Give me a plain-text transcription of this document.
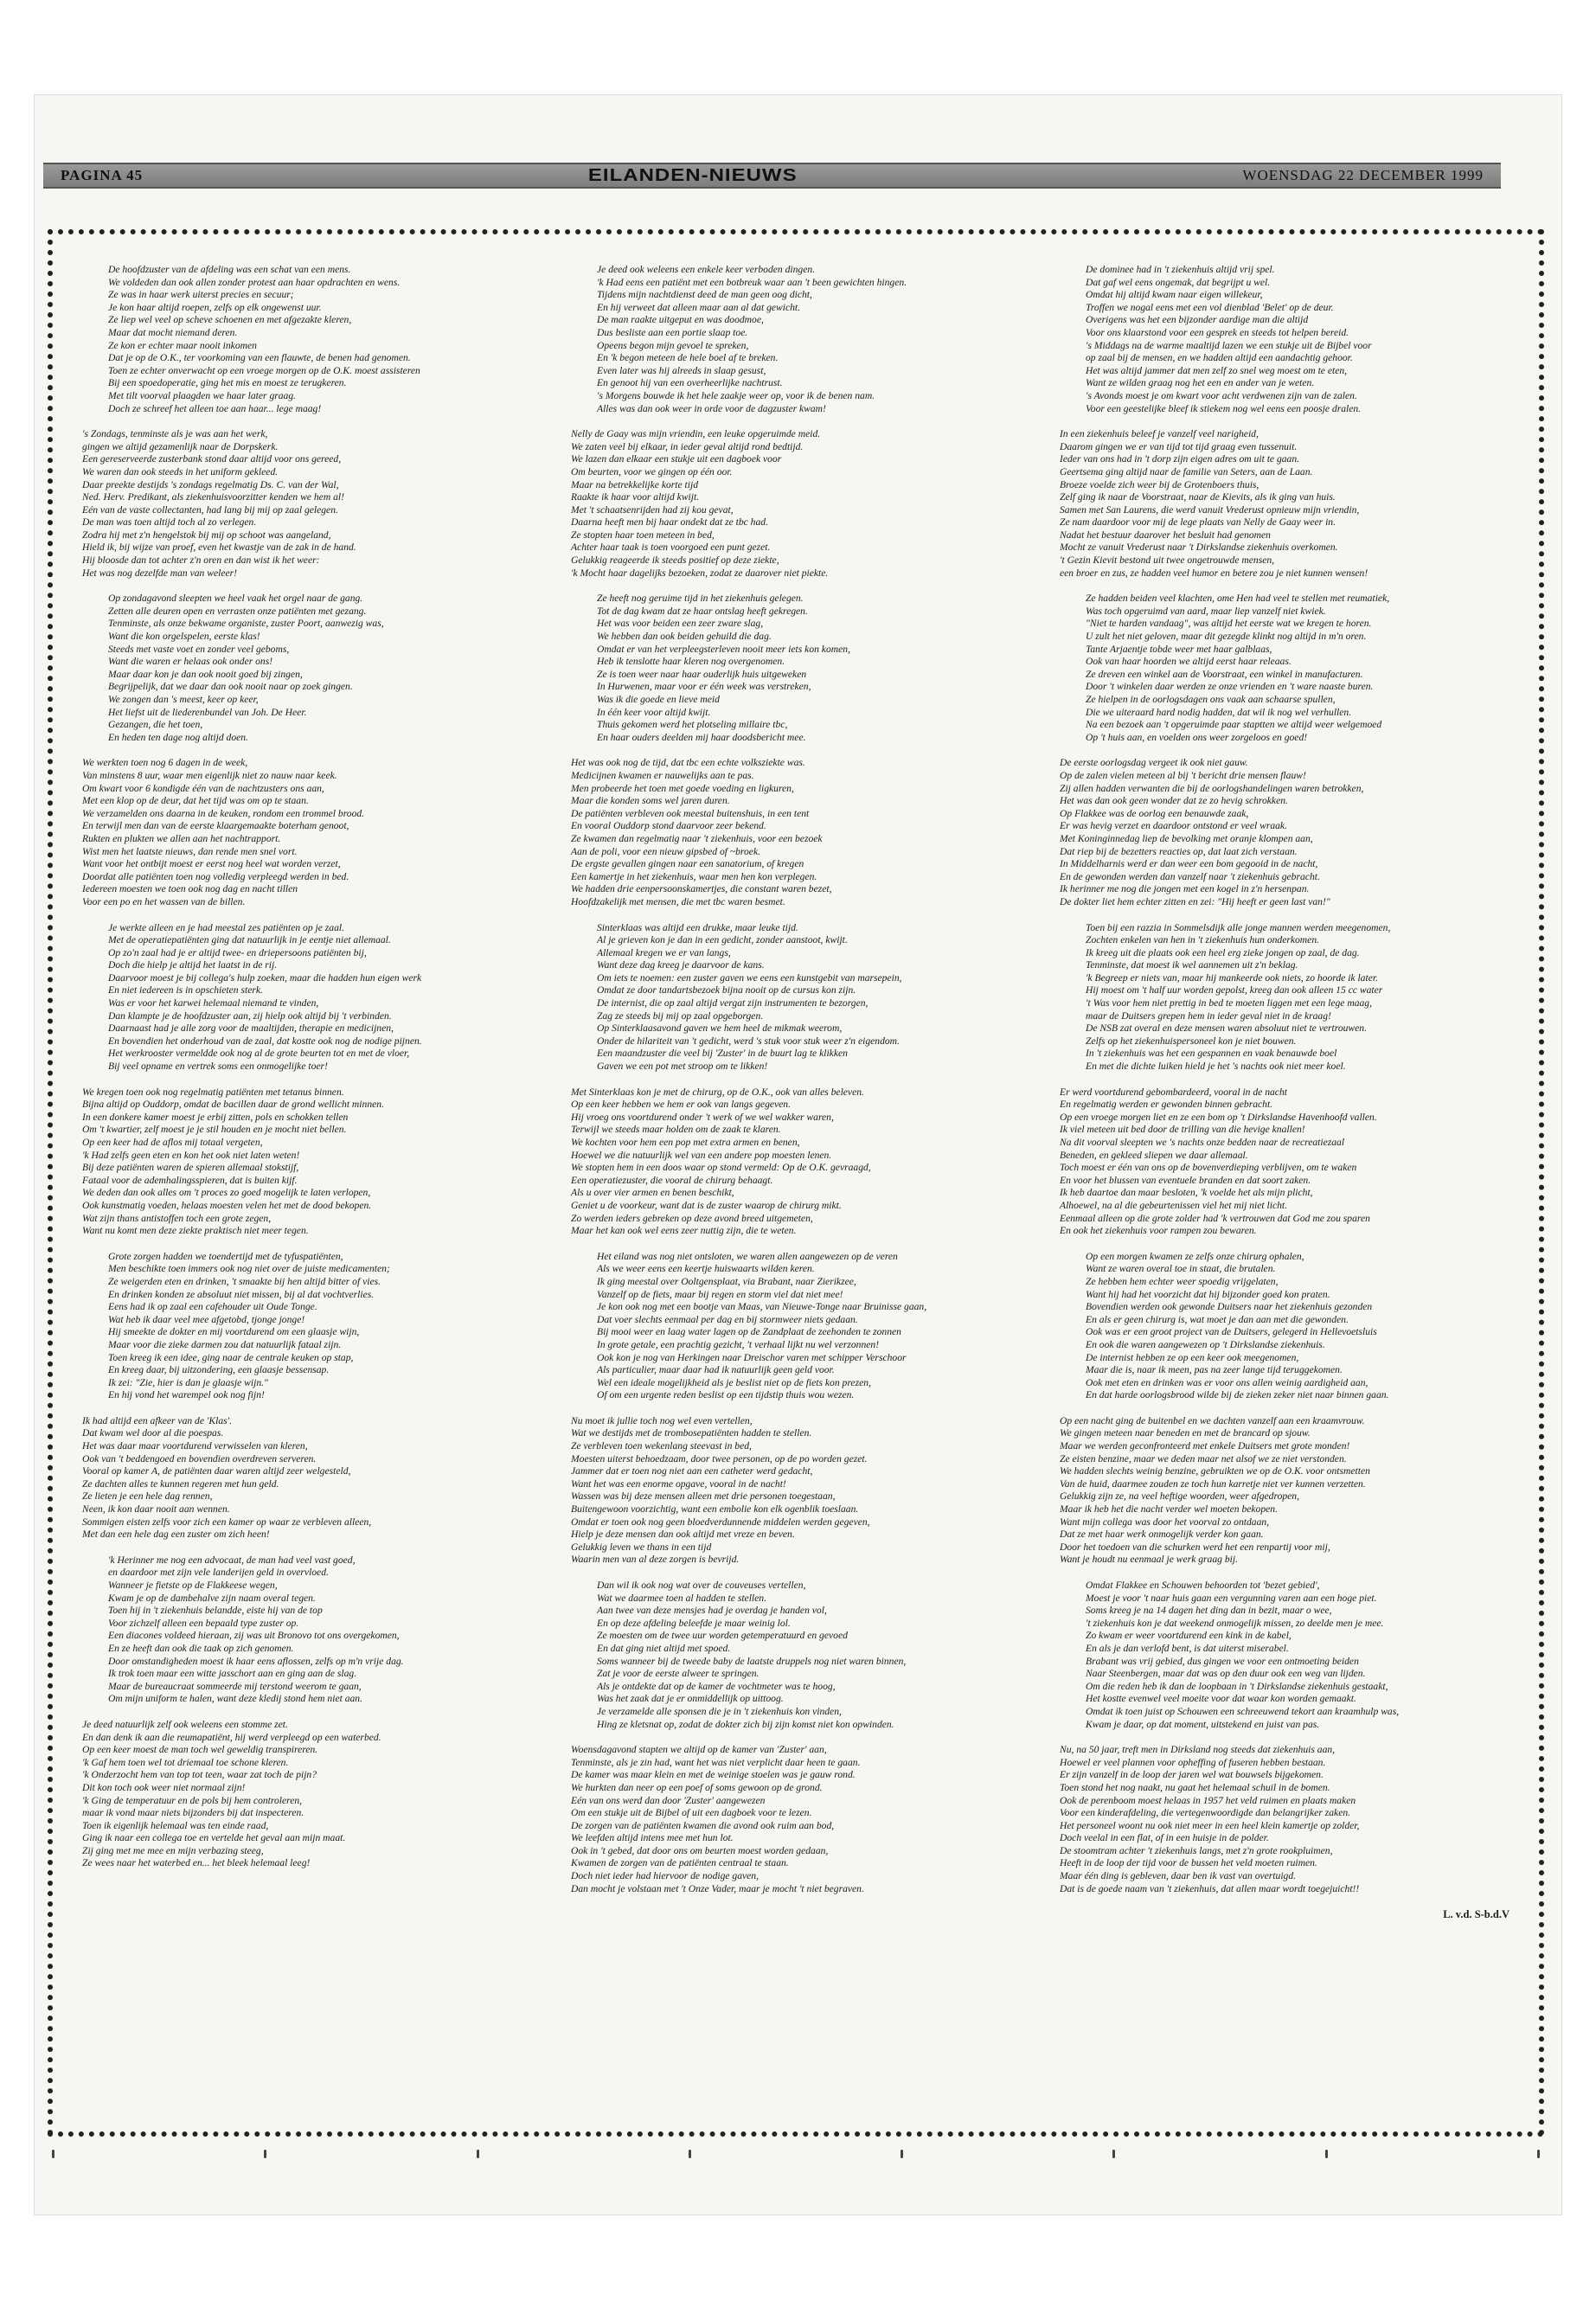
PAGINA 45	EILANDEN-NIEUWS	WOENSDAG 22 DECEMBER 1999

De hoofdzuster van de afdeling was een schat van een mens.
We voldeden dan ook allen zonder protest aan haar opdrachten en wens.
Ze was in haar werk uiterst precies en secuur;
Je kon haar altijd roepen, zelfs op elk ongewenst uur.
Ze liep wel veel op scheve schoenen en met afgezakte kleren,
Maar dat mocht niemand deren.
Ze kon er echter maar nooit inkomen
Dat je op de O.K., ter voorkoming van een flauwte, de benen had genomen.
Toen ze echter onverwacht op een vroege morgen op de O.K. moest assisteren
Bij een spoedoperatie, ging het mis en moest ze terugkeren.
Met tilt voorval plaagden we haar later graag.
Doch ze schreef het alleen toe aan haar... lege maag!

's Zondags, tenminste als je was aan het werk,
gingen we altijd gezamenlijk naar de Dorpskerk.
Een gereserveerde zusterbank stond daar altijd voor ons gereed,
We waren dan ook steeds in het uniform gekleed.
Daar preekte destijds 's zondags regelmatig Ds. C. van der Wal,
Ned. Herv. Predikant, als ziekenhuisvoorzitter kenden we hem al!
Eén van de vaste collectanten, had lang bij mij op zaal gelegen.
De man was toen altijd toch al zo verlegen.
Zodra hij met z'n hengelstok bij mij op schoot was aangeland,
Hield ik, bij wijze van proef, even het kwastje van de zak in de hand.
Hij bloosde dan tot achter z'n oren en dan wist ik het weer:
Het was nog dezelfde man van weleer!

Op zondagavond sleepten we heel vaak het orgel naar de gang.
Zetten alle deuren open en verrasten onze patiënten met gezang.
Tenminste, als onze bekwame organiste, zuster Poort, aanwezig was,
Want die kon orgelspelen, eerste klas!
Steeds met vaste voet en zonder veel geboms,
Want die waren er helaas ook onder ons!
Maar daar kon je dan ook nooit goed bij zingen,
Begrijpelijk, dat we daar dan ook nooit naar op zoek gingen.
We zongen dan 's meest, keer op keer,
Het liefst uit de liederenbundel van Joh. De Heer.
Gezangen, die het toen,
En heden ten dage nog altijd doen.

We werkten toen nog 6 dagen in de week,
Van minstens 8 uur, waar men eigenlijk niet zo nauw naar keek.
Om kwart voor 6 kondigde één van de nachtzusters ons aan,
Met een klop op de deur, dat het tijd was om op te staan.
We verzamelden ons daarna in de keuken, rondom een trommel brood.
En terwijl men dan van de eerste klaargemaakte boterham genoot,
Rukten en plukten we allen aan het nachtrapport.
Wist men het laatste nieuws, dan rende men snel vort.
Want voor het ontbijt moest er eerst nog heel wat worden verzet,
Doordat alle patiënten toen nog volledig verpleegd werden in bed.
Iedereen moesten we toen ook nog dag en nacht tillen
Voor een po en het wassen van de billen.

Je werkte alleen en je had meestal zes patiënten op je zaal.
Met de operatiepatiënten ging dat natuurlijk in je eentje niet allemaal.
Op zo'n zaal had je er altijd twee- en driepersoons patiënten bij,
Doch die hielp je altijd het laatst in de rij.
Daarvoor moest je bij collega's hulp zoeken, maar die hadden hun eigen werk
En niet iedereen is in opschieten sterk.
Was er voor het karwei helemaal niemand te vinden,
Dan klampte je de hoofdzuster aan, zij hielp ook altijd bij 't verbinden.
Daarnaast had je alle zorg voor de maaltijden, therapie en medicijnen,
En bovendien het onderhoud van de zaal, dat kostte ook nog de nodige pijnen.
Het werkrooster vermeldde ook nog al de grote beurten tot en met de vloer,
Bij veel opname en vertrek soms een onmogelijke toer!

We kregen toen ook nog regelmatig patiënten met tetanus binnen.
Bijna altijd op Ouddorp, omdat de bacillen daar de grond wellicht minnen.
In een donkere kamer moest je erbij zitten, pols en schokken tellen
Om 't kwartier, zelf moest je je stil houden en je mocht niet bellen.
Op een keer had de aflos mij totaal vergeten,
'k Had zelfs geen eten en kon het ook niet laten weten!
Bij deze patiënten waren de spieren allemaal stokstijf,
Fataal voor de ademhalingsspieren, dat is buiten kijf.
We deden dan ook alles om 't proces zo goed mogelijk te laten verlopen,
Ook kunstmatig voeden, helaas moesten velen het met de dood bekopen.
Wat zijn thans antistoffen toch een grote zegen,
Want nu komt men deze ziekte praktisch niet meer tegen.

Grote zorgen hadden we toendertijd met de tyfuspatiënten,
Men beschikte toen immers ook nog niet over de juiste medicamenten;
Ze weigerden eten en drinken, 't smaakte bij hen altijd bitter of vies.
En drinken konden ze absoluut niet missen, bij al dat vochtverlies.
Eens had ik op zaal een cafehouder uit Oude Tonge.
Wat heb ik daar veel mee afgetobd, tjonge jonge!
Hij smeekte de dokter en mij voortdurend om een glaasje wijn,
Maar voor die zieke darmen zou dat natuurlijk fataal zijn.
Toen kreeg ik een idee, ging naar de centrale keuken op stap,
En kreeg daar, bij uitzondering, een glaasje bessensap.
Ik zei: "Zie, hier is dan je glaasje wijn."
En hij vond het warempel ook nog fijn!

Ik had altijd een afkeer van de 'Klas'.
Dat kwam wel door al die poespas.
Het was daar maar voortdurend verwisselen van kleren,
Ook van 't beddengoed en bovendien overdreven serveren.
Vooral op kamer A, de patiënten daar waren altijd zeer welgesteld,
Ze dachten alles te kunnen regeren met hun geld.
Ze lieten je een hele dag rennen,
Neen, ik kon daar nooit aan wennen.
Sommigen eisten zelfs voor zich een kamer op waar ze verbleven alleen,
Met dan een hele dag een zuster om zich heen!

'k Herinner me nog een advocaat, de man had veel vast goed,
en daardoor met zijn vele landerijen geld in overvloed.
Wanneer je fietste op de Flakkeese wegen,
Kwam je op de dambehalve zijn naam overal tegen.
Toen hij in 't ziekenhuis belandde, eiste hij van de top
Voor zichzelf alleen een bepaald type zuster op.
Een diacones voldeed hieraan, zij was uit Bronovo tot ons overgekomen,
En ze heeft dan ook die taak op zich genomen.
Door omstandigheden moest ik haar eens aflossen, zelfs op m'n vrije dag.
Ik trok toen maar een witte jasschort aan en ging aan de slag.
Maar de bureaucraat sommeerde mij terstond weerom te gaan,
Om mijn uniform te halen, want deze kledij stond hem niet aan.

Je deed natuurlijk zelf ook weleens een stomme zet.
En dan denk ik aan die reumapatiënt, hij werd verpleegd op een waterbed.
Op een keer moest de man toch wel geweldig transpireren.
'k Gaf hem toen wel tot driemaal toe schone kleren.
'k Onderzocht hem van top tot teen, waar zat toch de pijn?
Dit kon toch ook weer niet normaal zijn!
'k Ging de temperatuur en de pols bij hem controleren,
maar ik vond maar niets bijzonders bij dat inspecteren.
Toen ik eigenlijk helemaal was ten einde raad,
Ging ik naar een collega toe en vertelde het geval aan mijn maat.
Zij ging met me mee en mijn verbazing steeg,
Ze wees naar het waterbed en... het bleek helemaal leeg!

Je deed ook weleens een enkele keer verboden dingen.
'k Had eens een patiënt met een botbreuk waar aan 't been gewichten hingen.
Tijdens mijn nachtdienst deed de man geen oog dicht,
En hij verweet dat alleen maar aan al dat gewicht.
De man raakte uitgeput en was doodmoe,
Dus besliste aan een portie slaap toe.
Opeens begon mijn gevoel te spreken,
En 'k begon meteen de hele boel af te breken.
Even later was hij alreeds in slaap gesust,
En genoot hij van een overheerlijke nachtrust.
's Morgens bouwde ik het hele zaakje weer op, voor ik de benen nam.
Alles was dan ook weer in orde voor de dagzuster kwam!

Nelly de Gaay was mijn vriendin, een leuke opgeruimde meid.
We zaten veel bij elkaar, in ieder geval altijd rond bedtijd.
We lazen dan elkaar een stukje uit een dagboek voor
Om beurten, voor we gingen op één oor.
Maar na betrekkelijke korte tijd
Raakte ik haar voor altijd kwijt.
Met 't schaatsenrijden had zij kou gevat,
Daarna heeft men bij haar ondekt dat ze tbc had.
Ze stopten haar toen meteen in bed,
Achter haar taak is toen voorgoed een punt gezet.
Gelukkig reageerde ik steeds positief op deze ziekte,
'k Mocht haar dagelijks bezoeken, zodat ze daarover niet piekte.

Ze heeft nog geruime tijd in het ziekenhuis gelegen.
Tot de dag kwam dat ze haar ontslag heeft gekregen.
Het was voor beiden een zeer zware slag,
We hebben dan ook beiden gehuild die dag.
Omdat er van het verpleegsterleven nooit meer iets kon komen,
Heb ik tenslotte haar kleren nog overgenomen.
Ze is toen weer naar haar ouderlijk huis uitgeweken
In Hurwenen, maar voor er één week was verstreken,
Was ik die goede en lieve meid
In één keer voor altijd kwijt.
Thuis gekomen werd het plotseling millaire tbc,
En haar ouders deelden mij haar doodsbericht mee.

Het was ook nog de tijd, dat tbc een echte volksziekte was.
Medicijnen kwamen er nauwelijks aan te pas.
Men probeerde het toen met goede voeding en ligkuren,
Maar die konden soms wel jaren duren.
De patiënten verbleven ook meestal buitenshuis, in een tent
En vooral Ouddorp stond daarvoor zeer bekend.
Ze kwamen dan regelmatig naar 't ziekenhuis, voor een bezoek
Aan de poli, voor een nieuw gipsbed of ~broek.
De ergste gevallen gingen naar een sanatorium, of kregen
Een kamertje in het ziekenhuis, waar men hen kon verplegen.
We hadden drie eenpersoonskamertjes, die constant waren bezet,
Hoofdzakelijk met mensen, die met tbc waren besmet.

Sinterklaas was altijd een drukke, maar leuke tijd.
Al je grieven kon je dan in een gedicht, zonder aanstoot, kwijt.
Allemaal kregen we er van langs,
Want deze dag kreeg je daarvoor de kans.
Om iets te noemen: een zuster gaven we eens een kunstgebit van marsepein,
Omdat ze door tandartsbezoek bijna nooit op de cursus kon zijn.
De internist, die op zaal altijd vergat zijn instrumenten te bezorgen,
Zag ze steeds bij mij op zaal opgeborgen.
Op Sinterklaasavond gaven we hem heel de mikmak weerom,
Onder de hilariteit van 't gedicht, werd 's stuk voor stuk weer z'n eigendom.
Een maandzuster die veel bij 'Zuster' in de buurt lag te klikken
Gaven we een pot met stroop om te likken!

Met Sinterklaas kon je met de chirurg, op de O.K., ook van alles beleven.
Op een keer hebben we hem er ook van langs gegeven.
Hij vroeg ons voortdurend onder 't werk of we wel wakker waren,
Terwijl we steeds maar holden om de zaak te klaren.
We kochten voor hem een pop met extra armen en benen,
Hoewel we die natuurlijk wel van een andere pop moesten lenen.
We stopten hem in een doos waar op stond vermeld: Op de O.K. gevraagd,
Een operatiezuster, die vooral de chirurg behaagt.
Als u over vier armen en benen beschikt,
Geniet u de voorkeur, want dat is de zuster waarop de chirurg mikt.
Zo werden ieders gebreken op deze avond breed uitgemeten,
Maar het kan ook wel eens zeer nuttig zijn, die te weten.

Het eiland was nog niet ontsloten, we waren allen aangewezen op de veren
Als we weer eens een keertje huiswaarts wilden keren.
Ik ging meestal over Ooltgensplaat, via Brabant, naar Zierikzee,
Vanzelf op de fiets, maar bij regen en storm viel dat niet mee!
Je kon ook nog met een bootje van Maas, van Nieuwe-Tonge naar Bruinisse gaan,
Dat voer slechts eenmaal per dag en bij stormweer niets gedaan.
Bij mooi weer en laag water lagen op de Zandplaat de zeehonden te zonnen
In grote getale, een prachtig gezicht, 't verhaal lijkt nu wel verzonnen!
Ook kon je nog van Herkingen naar Dreischor varen met schipper Verschoor
Als particulier, maar daar had ik natuurlijk geen geld voor.
Wel een ideale mogelijkheid als je beslist niet op de fiets kon prezen,
Of om een urgente reden beslist op een tijdstip thuis wou wezen.

Nu moet ik jullie toch nog wel even vertellen,
Wat we destijds met de trombosepatiënten hadden te stellen.
Ze verbleven toen wekenlang steevast in bed,
Moesten uiterst behoedzaam, door twee personen, op de po worden gezet.
Jammer dat er toen nog niet aan een catheter werd gedacht,
Want het was een enorme opgave, vooral in de nacht!
Wassen was bij deze mensen alleen met drie personen toegestaan,
Buitengewoon voorzichtig, want een embolie kon elk ogenblik toeslaan.
Omdat er toen ook nog geen bloedverdunnende middelen werden gegeven,
Hielp je deze mensen dan ook altijd met vreze en beven.
Gelukkig leven we thans in een tijd
Waarin men van al deze zorgen is bevrijd.

Dan wil ik ook nog wat over de couveuses vertellen,
Wat we daarmee toen al hadden te stellen.
Aan twee van deze mensjes had je overdag je handen vol,
En op deze afdeling beleefde je maar weinig lol.
Ze moesten om de twee uur worden getemperatuurd en gevoed
En dat ging niet altijd met spoed.
Soms wanneer bij de tweede baby de laatste druppels nog niet waren binnen,
Zat je voor de eerste alweer te springen.
Als je ontdekte dat op de kamer de vochtmeter was te hoog,
Was het zaak dat je er onmiddellijk op uittoog.
Je verzamelde alle sponsen die je in 't ziekenhuis kon vinden,
Hing ze kletsnat op, zodat de dokter zich bij zijn komst niet kon opwinden.

Woensdagavond stapten we altijd op de kamer van 'Zuster' aan,
Tenminste, als je zin had, want het was niet verplicht daar heen te gaan.
De kamer was maar klein en met de weinige stoelen was je gauw rond.
We hurkten dan neer op een poef of soms gewoon op de grond.
Eén van ons werd dan door 'Zuster' aangewezen
Om een stukje uit de Bijbel of uit een dagboek voor te lezen.
De zorgen van de patiënten kwamen die avond ook ruim aan bod,
We leefden altijd intens mee met hun lot.
Ook in 't gebed, dat door ons om beurten moest worden gedaan,
Kwamen de zorgen van de patiënten centraal te staan.
Doch niet ieder had hiervoor de nodige gaven,
Dan mocht je volstaan met 't Onze Vader, maar je mocht 't niet begraven.

De dominee had in 't ziekenhuis altijd vrij spel.
Dat gaf wel eens ongemak, dat begrijpt u wel.
Omdat hij altijd kwam naar eigen willekeur,
Troffen we nogal eens met een vol dienblad 'Belet' op de deur.
Overigens was het een bijzonder aardige man die altijd
Voor ons klaarstond voor een gesprek en steeds tot helpen bereid.
's Middags na de warme maaltijd lazen we een stukje uit de Bijbel voor
op zaal bij de mensen, en we hadden altijd een aandachtig gehoor.
Het was altijd jammer dat men zelf zo snel weg moest om te eten,
Want ze wilden graag nog het een en ander van je weten.
's Avonds moest je om kwart voor acht verdwenen zijn van de zalen.
Voor een geestelijke bleef ik stiekem nog wel eens een poosje dralen.

In een ziekenhuis beleef je vanzelf veel narigheid,
Daarom gingen we er van tijd tot tijd graag even tussenuit.
Ieder van ons had in 't dorp zijn eigen adres om uit te gaan.
Geertsema ging altijd naar de familie van Seters, aan de Laan.
Broeze voelde zich weer bij de Grotenboers thuis,
Zelf ging ik naar de Voorstraat, naar de Kievits, als ik ging van huis.
Samen met San Laurens, die werd vanuit Vrederust opnieuw mijn vriendin,
Ze nam daardoor voor mij de lege plaats van Nelly de Gaay weer in.
Nadat het bestuur daarover het besluit had genomen
Mocht ze vanuit Vrederust naar 't Dirkslandse ziekenhuis overkomen.
't Gezin Kievit bestond uit twee ongetrouwde mensen,
een broer en zus, ze hadden veel humor en betere zou je niet kunnen wensen!

Ze hadden beiden veel klachten, ome Hen had veel te stellen met reumatiek,
Was toch opgeruimd van aard, maar liep vanzelf niet kwiek.
"Niet te harden vandaag", was altijd het eerste wat we kregen te horen.
U zult het niet geloven, maar dit gezegde klinkt nog altijd in m'n oren.
Tante Arjaentje tobde weer met haar galblaas,
Ook van haar hoorden we altijd eerst haar releaas.
Ze dreven een winkel aan de Voorstraat, een winkel in manufacturen.
Door 't winkelen daar werden ze onze vrienden en 't ware naaste buren.
Ze hielpen in de oorlogsdagen ons vaak aan schaarse spullen,
Die we uiteraard hard nodig hadden, dat wil ik nog wel verhullen.
Na een bezoek aan 't opgeruimde paar staptten we altijd weer welgemoed
Op 't huis aan, en voelden ons weer zorgeloos en goed!

De eerste oorlogsdag vergeet ik ook niet gauw.
Op de zalen vielen meteen al bij 't bericht drie mensen flauw!
Zij allen hadden verwanten die bij de oorlogshandelingen waren betrokken,
Het was dan ook geen wonder dat ze zo hevig schrokken.
Op Flakkee was de oorlog een benauwde zaak,
Er was hevig verzet en daardoor ontstond er veel wraak.
Met Koninginnedag liep de bevolking met oranje klompen aan,
Dat riep bij de bezetters reacties op, dat laat zich verstaan.
In Middelharnis werd er dan weer een bom gegooid in de nacht,
En de gewonden werden dan vanzelf naar 't ziekenhuis gebracht.
Ik herinner me nog die jongen met een kogel in z'n hersenpan.
De dokter liet hem echter zitten en zei: "Hij heeft er geen last van!"

Toen bij een razzia in Sommelsdijk alle jonge mannen werden meegenomen,
Zochten enkelen van hen in 't ziekenhuis hun onderkomen.
Ik kreeg uit die plaats ook een heel erg zieke jongen op zaal, de dag.
Tenminste, dat moest ik wel aannemen uit z'n beklag.
'k Begreep er niets van, maar hij mankeerde ook niets, zo hoorde ik later.
Hij moest om 't half uur worden gepolst, kreeg dan ook alleen 15 cc water
't Was voor hem niet prettig in bed te moeten liggen met een lege maag,
maar de Duitsers grepen hem in ieder geval niet in de kraag!
De NSB zat overal en deze mensen waren absoluut niet te vertrouwen.
Zelfs op het ziekenhuispersoneel kon je niet bouwen.
In 't ziekenhuis was het een gespannen en vaak benauwde boel
En met die dichte luiken hield je het 's nachts ook niet meer koel.

Er werd voortdurend gebombardeerd, vooral in de nacht
En regelmatig werden er gewonden binnen gebracht.
Op een vroege morgen liet en ze een bom op 't Dirkslandse Havenhoofd vallen.
Ik viel meteen uit bed door de trilling van die hevige knallen!
Na dit voorval sleepten we 's nachts onze bedden naar de recreatiezaal
Beneden, en gekleed sliepen we daar allemaal.
Toch moest er één van ons op de bovenverdieping verblijven, om te waken
En voor het blussen van eventuele branden en dat soort zaken.
Ik heb daartoe dan maar besloten, 'k voelde het als mijn plicht,
Alhoewel, na al die gebeurtenissen viel het mij niet licht.
Eenmaal alleen op die grote zolder had 'k vertrouwen dat God me zou sparen
En ook het ziekenhuis voor rampen zou bewaren.

Op een morgen kwamen ze zelfs onze chirurg ophalen,
Want ze waren overal toe in staat, die brutalen.
Ze hebben hem echter weer spoedig vrijgelaten,
Want hij had het voorzicht dat hij bijzonder goed kon praten.
Bovendien werden ook gewonde Duitsers naar het ziekenhuis gezonden
En als er geen chirurg is, wat moet je dan aan met die gewonden.
Ook was er een groot project van de Duitsers, gelegerd in Hellevoetsluis
En ook die waren aangewezen op 't Dirkslandse ziekenhuis.
De internist hebben ze op een keer ook meegenomen,
Maar die is, naar ik meen, pas na zeer lange tijd teruggekomen.
Ook met eten en drinken was er voor ons allen weinig aardigheid aan,
En dat harde oorlogsbrood wilde bij de zieken zeker niet naar binnen gaan.

Op een nacht ging de buitenbel en we dachten vanzelf aan een kraamvrouw.
We gingen meteen naar beneden en met de brancard op sjouw.
Maar we werden geconfronteerd met enkele Duitsers met grote monden!
Ze eisten benzine, maar we deden maar net alsof we ze niet verstonden.
We hadden slechts weinig benzine, gebruikten we op de O.K. voor ontsmetten
Van de huid, daarmee zouden ze toch hun karretje niet ver kunnen verzetten.
Gelukkig zijn ze, na veel heftige woorden, weer afgedropen,
Maar ik heb het die nacht verder wel moeten bekopen.
Want mijn collega was door het voorval zo ontdaan,
Dat ze met haar werk onmogelijk verder kon gaan.
Door het toedoen van die schurken werd het een renpartij voor mij,
Want je houdt nu eenmaal je werk graag bij.

Omdat Flakkee en Schouwen behoorden tot 'bezet gebied',
Moest je voor 't naar huis gaan een vergunning varen aan een hoge piet.
Soms kreeg je na 14 dagen het ding dan in bezit, maar o wee,
't ziekenhuis kon je dat weekend onmogelijk missen, zo deelde men je mee.
Zo kwam er weer voortdurend een kink in de kabel,
En als je dan verlofd bent, is dat uiterst miserabel.
Brabant was vrij gebied, dus gingen we voor een ontmoeting beiden
Naar Steenbergen, maar dat was op den duur ook een weg van lijden.
Om die reden heb ik dan de loopbaan in 't Dirkslandse ziekenhuis gestaakt,
Het kostte evenwel veel moeite voor dat waar kon worden gemaakt.
Omdat ik toen juist op Schouwen een schreeuwend tekort aan kraamhulp was,
Kwam je daar, op dat moment, uitstekend en juist van pas.

Nu, na 50 jaar, treft men in Dirksland nog steeds dat ziekenhuis aan,
Hoewel er veel plannen voor opheffing of fuseren hebben bestaan.
Er zijn vanzelf in de loop der jaren wel wat bouwsels bijgekomen.
Toen stond het nog naakt, nu gaat het helemaal schuil in de bomen.
Ook de perenboom moest helaas in 1957 het veld ruimen en plaats maken
Voor een kinderafdeling, die vertegenwoordigde dan belangrijker zaken.
Het personeel woont nu ook niet meer in een heel klein kamertje op zolder,
Doch veelal in een flat, of in een huisje in de polder.
De stoomtram achter 't ziekenhuis langs, met z'n grote rookpluimen,
Heeft in de loop der tijd voor de bussen het veld moeten ruimen.
Maar één ding is gebleven, daar ben ik vast van overtuigd.
Dat is de goede naam van 't ziekenhuis, dat allen maar wordt toegejuicht!!

L. v.d. S-b.d.V
